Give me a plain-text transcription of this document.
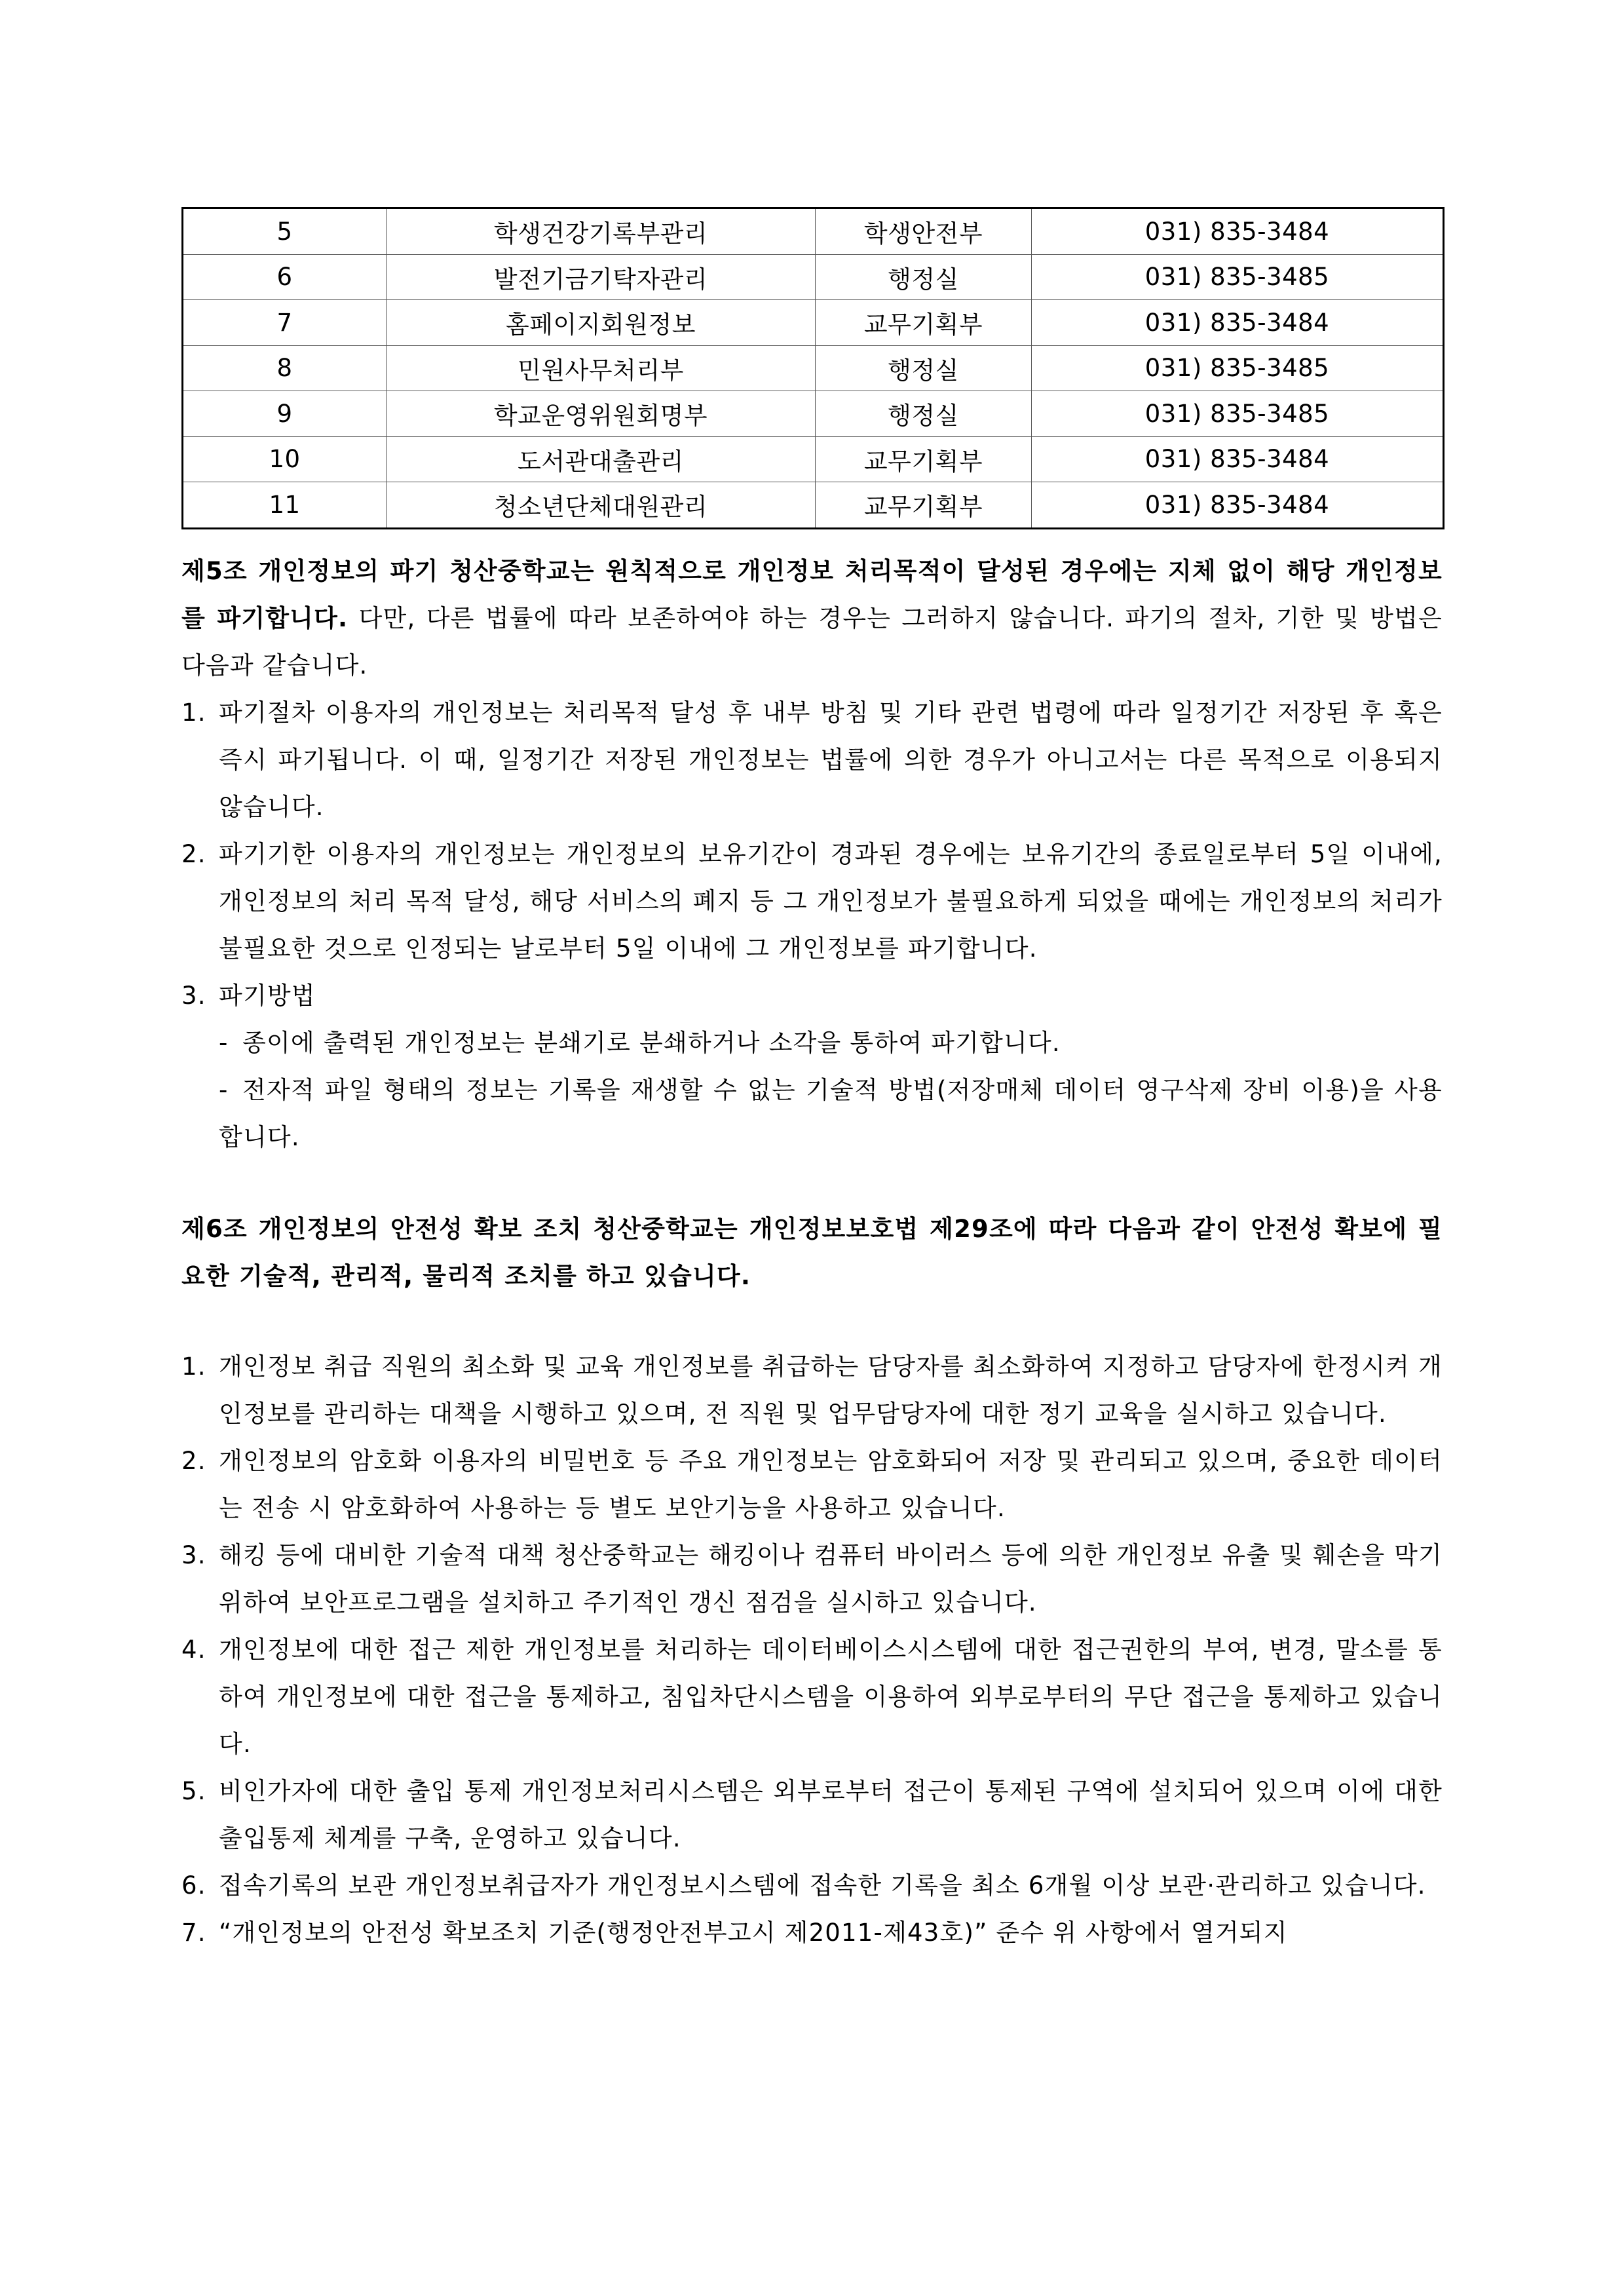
5	학생건강기록부관리	학생안전부	031) 835-3484
6	발전기금기탁자관리	행정실	031) 835-3485
7	홈페이지회원정보	교무기획부	031) 835-3484
8	민원사무처리부	행정실	031) 835-3485
9	학교운영위원회명부	행정실	031) 835-3485
10	도서관대출관리	교무기획부	031) 835-3484
11	청소년단체대원관리	교무기획부	031) 835-3484

제5조 개인정보의 파기 청산중학교는 원칙적으로 개인정보 처리목적이 달성된 경우에는 지체 없이 해당 개인정보를 파기합니다. 다만, 다른 법률에 따라 보존하여야 하는 경우는 그러하지 않습니다. 파기의 절차, 기한 및 방법은 다음과 같습니다.

1. 파기절차 이용자의 개인정보는 처리목적 달성 후 내부 방침 및 기타 관련 법령에 따라 일정기간 저장된 후 혹은 즉시 파기됩니다. 이 때, 일정기간 저장된 개인정보는 법률에 의한 경우가 아니고서는 다른 목적으로 이용되지 않습니다.
2. 파기기한 이용자의 개인정보는 개인정보의 보유기간이 경과된 경우에는 보유기간의 종료일로부터 5일 이내에, 개인정보의 처리 목적 달성, 해당 서비스의 폐지 등 그 개인정보가 불필요하게 되었을 때에는 개인정보의 처리가 불필요한 것으로 인정되는 날로부터 5일 이내에 그 개인정보를 파기합니다.
3. 파기방법
- 종이에 출력된 개인정보는 분쇄기로 분쇄하거나 소각을 통하여 파기합니다.
- 전자적 파일 형태의 정보는 기록을 재생할 수 없는 기술적 방법(저장매체 데이터 영구삭제 장비 이용)을 사용합니다.

제6조 개인정보의 안전성 확보 조치 청산중학교는 개인정보보호법 제29조에 따라 다음과 같이 안전성 확보에 필요한 기술적, 관리적, 물리적 조치를 하고 있습니다.

1. 개인정보 취급 직원의 최소화 및 교육 개인정보를 취급하는 담당자를 최소화하여 지정하고 담당자에 한정시켜 개인정보를 관리하는 대책을 시행하고 있으며, 전 직원 및 업무담당자에 대한 정기 교육을 실시하고 있습니다.
2. 개인정보의 암호화 이용자의 비밀번호 등 주요 개인정보는 암호화되어 저장 및 관리되고 있으며, 중요한 데이터는 전송 시 암호화하여 사용하는 등 별도 보안기능을 사용하고 있습니다.
3. 해킹 등에 대비한 기술적 대책 청산중학교는 해킹이나 컴퓨터 바이러스 등에 의한 개인정보 유출 및 훼손을 막기 위하여 보안프로그램을 설치하고 주기적인 갱신 점검을 실시하고 있습니다.
4. 개인정보에 대한 접근 제한 개인정보를 처리하는 데이터베이스시스템에 대한 접근권한의 부여, 변경, 말소를 통하여 개인정보에 대한 접근을 통제하고, 침입차단시스템을 이용하여 외부로부터의 무단 접근을 통제하고 있습니다.
5. 비인가자에 대한 출입 통제 개인정보처리시스템은 외부로부터 접근이 통제된 구역에 설치되어 있으며 이에 대한 출입통제 체계를 구축, 운영하고 있습니다.
6. 접속기록의 보관 개인정보취급자가 개인정보시스템에 접속한 기록을 최소 6개월 이상 보관·관리하고 있습니다.
7. “개인정보의 안전성 확보조치 기준(행정안전부고시 제2011-제43호)” 준수 위 사항에서 열거되지
